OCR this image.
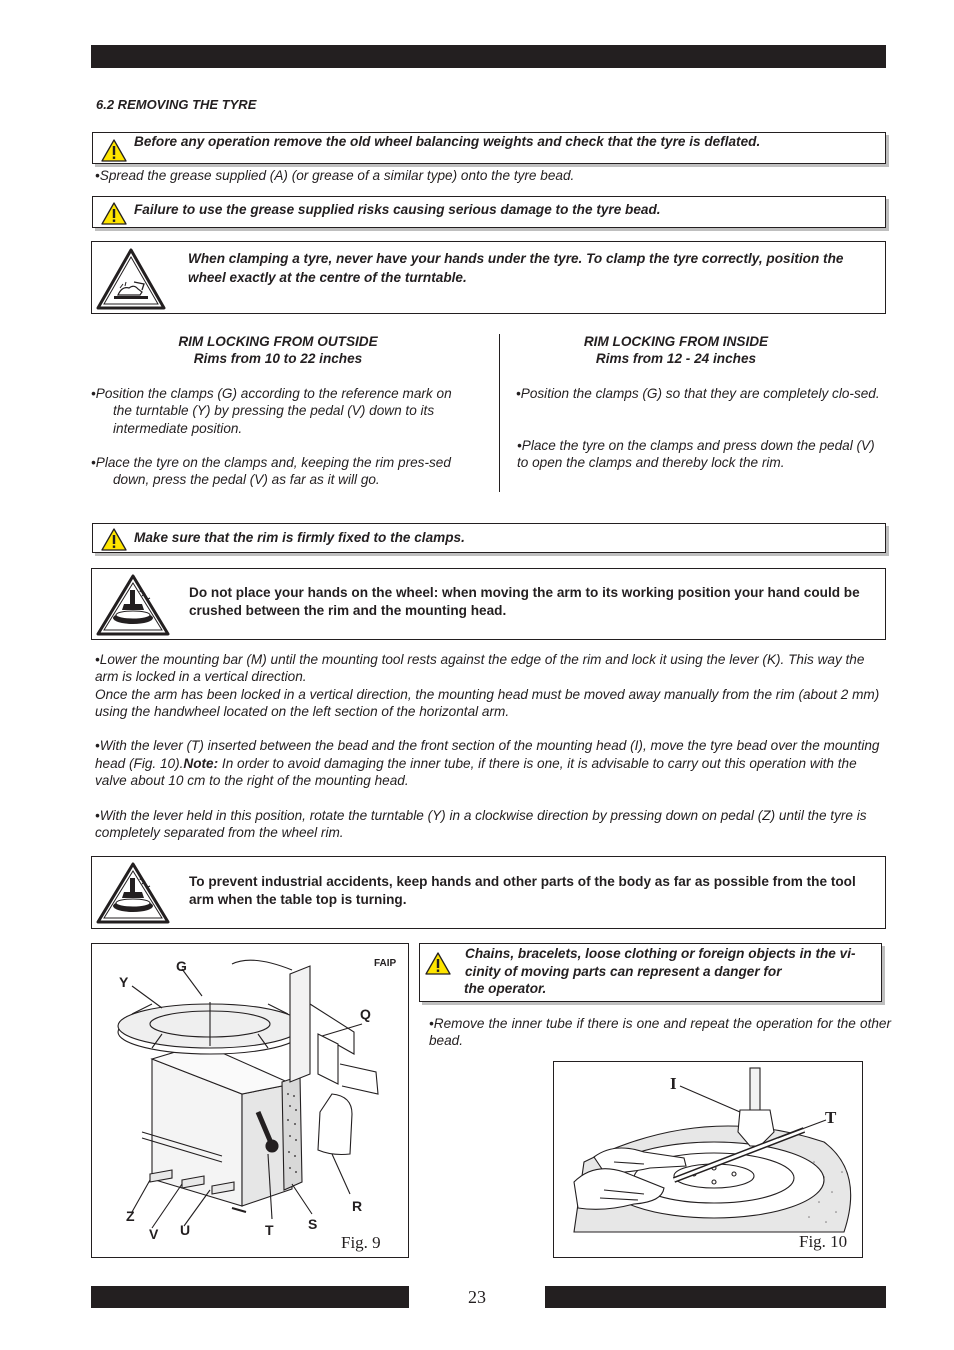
6.2 REMOVING THE TYRE
Before any operation remove the old wheel balancing weights and check that the tyre is deflated.
•Spread the grease supplied (A) (or grease of a similar type) onto the tyre bead.
Failure to use the grease supplied risks causing serious damage to the tyre bead.
When clamping a tyre, never have your hands under the tyre. To clamp the tyre correctly, position the wheel exactly at the centre of the turntable.
RIM LOCKING FROM OUTSIDE
Rims from 10 to 22 inches

•Position the clamps (G) according to the reference mark on the turntable (Y) by pressing the pedal (V) down to its intermediate position.

•Place the tyre on the clamps and, keeping the rim pres-sed down, press the pedal (V) as far as it will go.

RIM LOCKING FROM INSIDE
Rims from 12 - 24 inches

•Position the clamps (G) so that they are completely clo-sed.

•Place the tyre on the clamps and press down the pedal (V) to open the clamps and thereby lock the rim.
Make sure that the rim is firmly fixed to the clamps.
Do not place your hands on the wheel: when moving the arm to its working position your hand could be crushed between the rim and the mounting head.

•Lower the mounting bar (M) until the mounting tool rests against the edge of the rim and lock it using the lever (K). This way the arm is locked in a vertical direction.

Once the arm has been locked in a vertical direction, the mounting head must be moved away manually from the rim (about 2 mm) using the handwheel located on the left section of the horizontal arm.

•With the lever (T) inserted between the bead and the front section of the mounting head (I), move the tyre bead over the mounting head (Fig. 10).Note: In order to avoid damaging the inner tube, if there is one, it is advisable to carry out this operation with the valve about 10 cm to the right of the mounting head.

•With the lever held in this position, rotate the turntable (Y) in a clockwise direction by pressing down on pedal (Z) until the tyre is completely separated from the wheel rim.

To prevent industrial accidents, keep hands and other parts of the body as far as possible from the tool arm when the table top is turning.
FAIP
Y
G
Q
R
Z
V U	T S
Fig. 9
Chains, bracelets, loose clothing or foreign objects in the vi-
cinity of moving parts can represent a danger for
the operator.
•Remove the inner tube if there is one and repeat the operation for the other bead.
I
T
Fig. 10
23
